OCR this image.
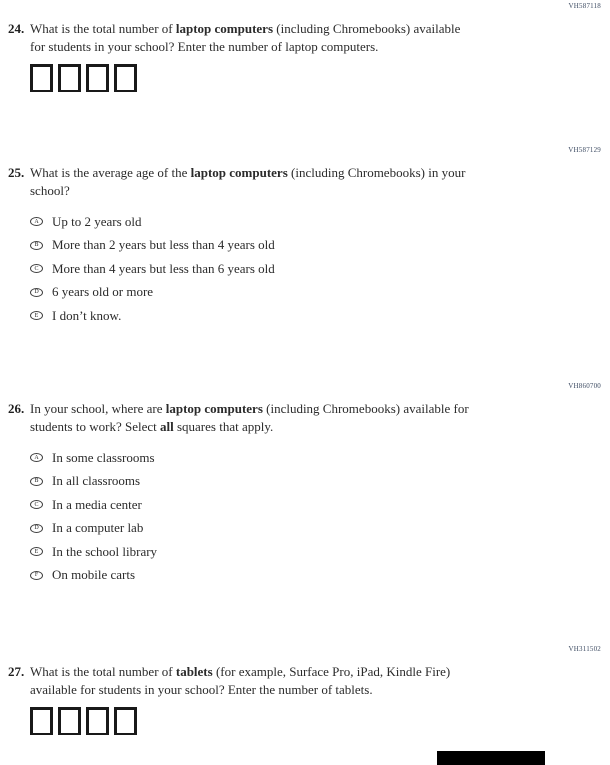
VH587118
24. What is the total number of laptop computers (including Chromebooks) available
for students in your school? Enter the number of laptop computers.
VH587129
25. What is the average age of the laptop computers (including Chromebooks) in your
school?
A Up to 2 years old
B More than 2 years but less than 4 years old
C More than 4 years but less than 6 years old
D 6 years old or more
E I don’t know.
VH860700
26. In your school, where are laptop computers (including Chromebooks) available for
students to work? Select all squares that apply.
A In some classrooms
B In all classrooms
C In a media center
D In a computer lab
E In the school library
F On mobile carts
VH311502
27. What is the total number of tablets (for example, Surface Pro, iPad, Kindle Fire)
available for students in your school? Enter the number of tablets.
